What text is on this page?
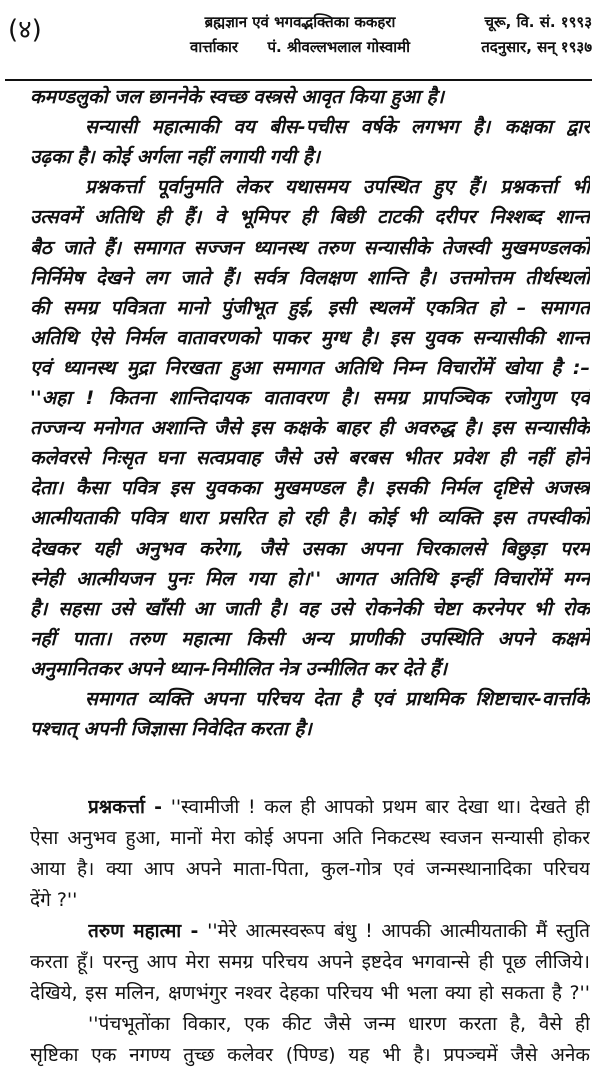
(४)	ब्रह्मज्ञान एवं भगवद्भक्तिका ककहरा
वार्त्ताकार पं. श्रीवल्लभलाल गोस्वामी
चूरू, वि. सं. १९९३
तदनुसार, सन् १९३७
कमण्डलुको जल छाननेके स्वच्छ वस्त्रसे आवृत किया हुआ है।
सन्यासी महात्माकी वय बीस-पचीस वर्षके लगभग है। कक्षका द्वार
उढ़का है। कोई अर्गला नहीं लगायी गयी है।
प्रश्नकर्त्ता पूर्वानुमति लेकर यथासमय उपस्थित हुए हैं। प्रश्नकर्त्ता भी
उत्सवमें अतिथि ही हैं। वे भूमिपर ही बिछी टाटकी दरीपर निश्शब्द शान्त
बैठ जाते हैं। समागत सज्जन ध्यानस्थ तरुण सन्यासीके तेजस्वी मुखमण्डलको
निर्निमेष देखने लग जाते हैं। सर्वत्र विलक्षण शान्ति है। उत्तमोत्तम तीर्थस्थलों
की समग्र पवित्रता मानो पुंजीभूत हुई, इसी स्थलमें एकत्रित हो – समागत
अतिथि ऐसे निर्मल वातावरणको पाकर मुग्ध है। इस युवक सन्यासीकी शान्त
एवं ध्यानस्थ मुद्रा निरखता हुआ समागत अतिथि निम्न विचारोंमें खोया है :–
''अहा ! कितना शान्तिदायक वातावरण है। समग्र प्रापञ्चिक रजोगुण एवं
तज्जन्य मनोगत अशान्ति जैसे इस कक्षके बाहर ही अवरुद्ध है। इस सन्यासीके
कलेवरसे निःसृत घना सत्वप्रवाह जैसे उसे बरबस भीतर प्रवेश ही नहीं होने
देता। कैसा पवित्र इस युवकका मुखमण्डल है। इसकी निर्मल दृष्टिसे अजस्त्र
आत्मीयताकी पवित्र धारा प्रसरित हो रही है। कोई भी व्यक्ति इस तपस्वीको
देखकर यही अनुभव करेगा, जैसे उसका अपना चिरकालसे बिछुड़ा परम
स्नेही आत्मीयजन पुनः मिल गया हो।'' आगत अतिथि इन्हीं विचारोंमें मग्न
है। सहसा उसे खाँसी आ जाती है। वह उसे रोकनेकी चेष्टा करनेपर भी रोक
नहीं पाता। तरुण महात्मा किसी अन्य प्राणीकी उपस्थिति अपने कक्षमें
अनुमानितकर अपने ध्यान-निमीलित नेत्र उन्मीलित कर देते हैं।
समागत व्यक्ति अपना परिचय देता है एवं प्राथमिक शिष्टाचार-वार्त्ताके
पश्चात् अपनी जिज्ञासा निवेदित करता है।
प्रश्नकर्त्ता - ''स्वामीजी ! कल ही आपको प्रथम बार देखा था। देखते ही
ऐसा अनुभव हुआ, मानों मेरा कोई अपना अति निकटस्थ स्वजन सन्यासी होकर
आया है। क्या आप अपने माता-पिता, कुल-गोत्र एवं जन्मस्थानादिका परिचय
देंगे ?''
तरुण महात्मा - ''मेरे आत्मस्वरूप बंधु ! आपकी आत्मीयताकी मैं स्तुति
करता हूँ। परन्तु आप मेरा समग्र परिचय अपने इष्टदेव भगवान्से ही पूछ लीजिये।
देखिये, इस मलिन, क्षणभंगुर नश्वर देहका परिचय भी भला क्या हो सकता है ?''
''पंचभूतोंका विकार, एक कीट जैसे जन्म धारण करता है, वैसे ही
सृष्टिका एक नगण्य तुच्छ कलेवर (पिण्ड) यह भी है। प्रपञ्चमें जैसे अनेक
